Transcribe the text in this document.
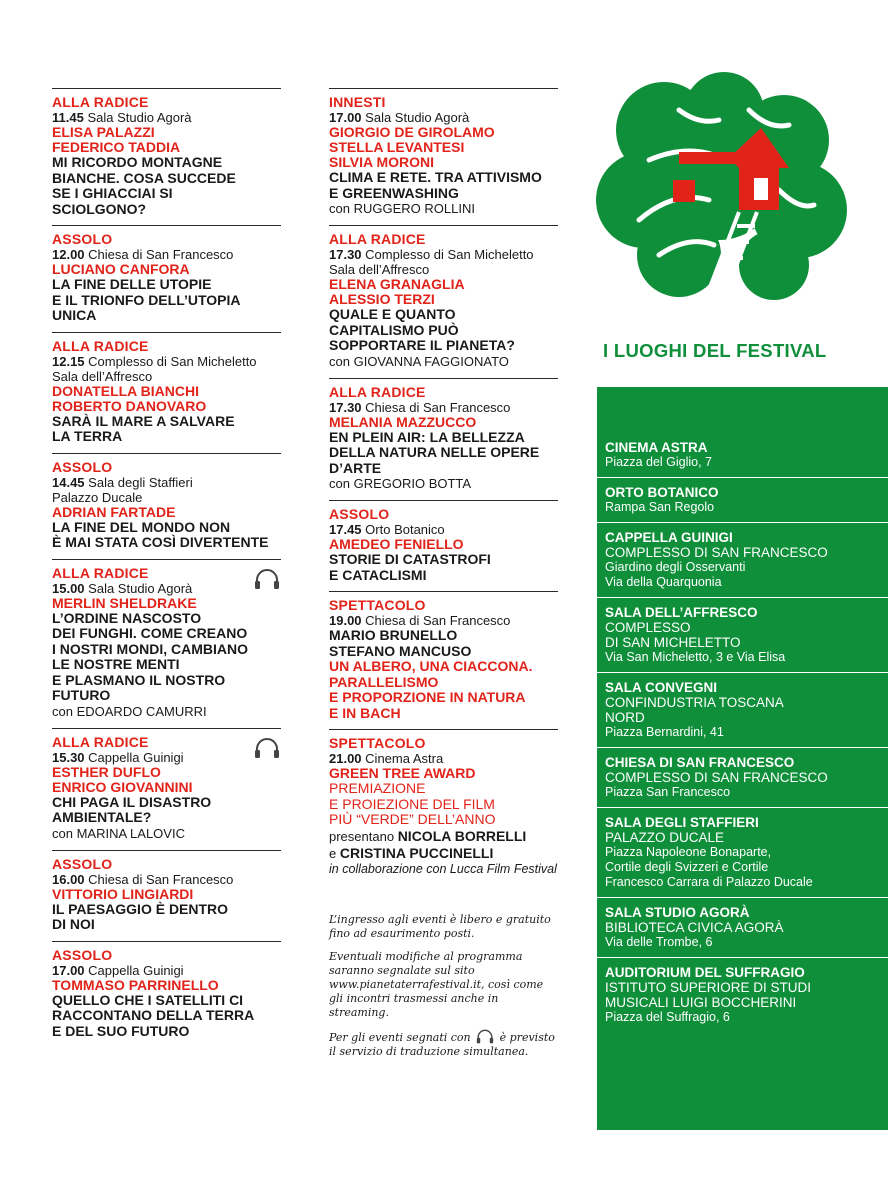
ALLA RADICE
11.45 Sala Studio Agorà
ELISA PALAZZI
FEDERICO TADDIA
MI RICORDO MONTAGNE
BIANCHE. COSA SUCCEDE
SE I GHIACCIAI SI
SCIOLGONO?
ASSOLO
12.00 Chiesa di San Francesco
LUCIANO CANFORA
LA FINE DELLE UTOPIE
E IL TRIONFO DELL’UTOPIA
UNICA
ALLA RADICE
12.15 Complesso di San Micheletto
Sala dell’Affresco
DONATELLA BIANCHI
ROBERTO DANOVARO
SARÀ IL MARE A SALVARE
LA TERRA
ASSOLO
14.45 Sala degli Staffieri
Palazzo Ducale
ADRIAN FARTADE
LA FINE DEL MONDO NON
È MAI STATA COSÌ DIVERTENTE
ALLA RADICE
15.00 Sala Studio Agorà
MERLIN SHELDRAKE
L’ORDINE NASCOSTO
DEI FUNGHI. COME CREANO
I NOSTRI MONDI, CAMBIANO
LE NOSTRE MENTI
E PLASMANO IL NOSTRO
FUTURO
con EDOARDO CAMURRI
ALLA RADICE
15.30 Cappella Guinigi
ESTHER DUFLO
ENRICO GIOVANNINI
CHI PAGA IL DISASTRO
AMBIENTALE?
con MARINA LALOVIC
ASSOLO
16.00 Chiesa di San Francesco
VITTORIO LINGIARDI
IL PAESAGGIO È DENTRO
DI NOI
ASSOLO
17.00 Cappella Guinigi
TOMMASO PARRINELLO
QUELLO CHE I SATELLITI CI
RACCONTANO DELLA TERRA
E DEL SUO FUTURO
INNESTI
17.00 Sala Studio Agorà
GIORGIO DE GIROLAMO
STELLA LEVANTESI
SILVIA MORONI
CLIMA E RETE. TRA ATTIVISMO
E GREENWASHING
con RUGGERO ROLLINI
ALLA RADICE
17.30 Complesso di San Micheletto
Sala dell’Affresco
ELENA GRANAGLIA
ALESSIO TERZI
QUALE E QUANTO
CAPITALISMO PUÒ
SOPPORTARE IL PIANETA?
con GIOVANNA FAGGIONATO
ALLA RADICE
17.30 Chiesa di San Francesco
MELANIA MAZZUCCO
EN PLEIN AIR: LA BELLEZZA
DELLA NATURA NELLE OPERE
D’ARTE
con GREGORIO BOTTA
ASSOLO
17.45 Orto Botanico
AMEDEO FENIELLO
STORIE DI CATASTROFI
E CATACLISMI
SPETTACOLO
19.00 Chiesa di San Francesco
MARIO BRUNELLO
STEFANO MANCUSO
UN ALBERO, UNA CIACCONA.
PARALLELISMO
E PROPORZIONE IN NATURA
E IN BACH
SPETTACOLO
21.00 Cinema Astra
GREEN TREE AWARD
PREMIAZIONE
E PROIEZIONE DEL FILM
PIÙ “VERDE” DELL’ANNO
presentano NICOLA BORRELLI
e CRISTINA PUCCINELLI
in collaborazione con Lucca Film Festival

L’ingresso agli eventi è libero e gratuito fino ad esaurimento posti.

Eventuali modifiche al programma saranno segnalate sul sito www.pianetaterrafestival.it, così come gli incontri trasmessi anche in streaming.

Per gli eventi segnati con	è previsto il servizio di traduzione simultanea.

I LUOGHI DEL FESTIVAL
CINEMA ASTRA
Piazza del Giglio, 7
ORTO BOTANICO
Rampa San Regolo
CAPPELLA GUINIGI
COMPLESSO DI SAN FRANCESCO
Giardino degli Osservanti
Via della Quarquonia
SALA DELL’AFFRESCO
COMPLESSO
DI SAN MICHELETTO
Via San Micheletto, 3 e Via Elisa
SALA CONVEGNI
CONFINDUSTRIA TOSCANA
NORD
Piazza Bernardini, 41
CHIESA DI SAN FRANCESCO
COMPLESSO DI SAN FRANCESCO
Piazza San Francesco
SALA DEGLI STAFFIERI
PALAZZO DUCALE
Piazza Napoleone Bonaparte,
Cortile degli Svizzeri e Cortile
Francesco Carrara di Palazzo Ducale
SALA STUDIO AGORÀ
BIBLIOTECA CIVICA AGORÀ
Via delle Trombe, 6
AUDITORIUM DEL SUFFRAGIO
ISTITUTO SUPERIORE DI STUDI
MUSICALI LUIGI BOCCHERINI
Piazza del Suffragio, 6
